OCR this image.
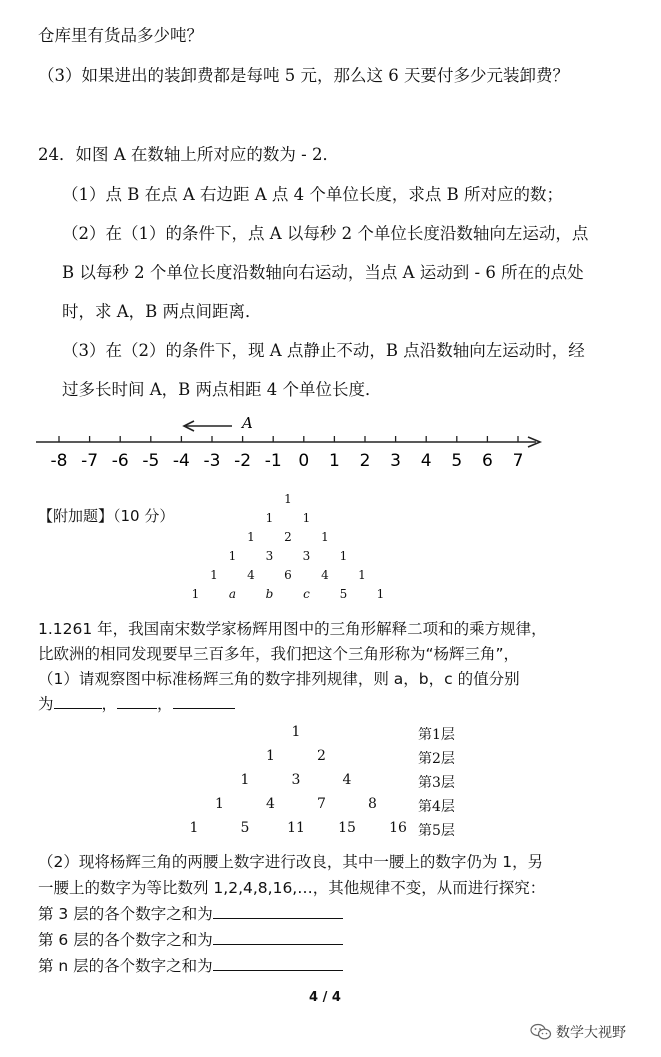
仓库里有货品多少吨？
（3）如果进出的装卸费都是每吨 5 元，那么这 6 天要付多少元装卸费？
24．如图 A 在数轴上所对应的数为 - 2．
（1）点 B 在点 A 右边距 A 点 4 个单位长度，求点 B 所对应的数；
（2）在（1）的条件下，点 A 以每秒 2 个单位长度沿数轴向左运动，点
B 以每秒 2 个单位长度沿数轴向右运动，当点 A 运动到 - 6 所在的点处
时，求 A，B 两点间距离．
（3）在（2）的条件下，现 A 点静止不动，B 点沿数轴向左运动时，经
过多长时间 A，B 两点相距 4 个单位长度．
A
-8 -7 -6 -5 -4 -3 -2 -1 0 1 2 3 4 5 6 7
【附加题】（10 分）
1
1 1
1 2 1
1 3 3 1
1 4 6 4 1
1 a b c 5 1
1.1261 年，我国南宋数学家杨辉用图中的三角形解释二项和的乘方规律，
比欧洲的相同发现要早三百多年，我们把这个三角形称为“杨辉三角”，
（1）请观察图中标准杨辉三角的数字排列规律，则 a，b，c 的值分别
为	，	，
1	第1层
1	2	第2层
1	3	4	第3层
1	4	7	8	第4层
1	5	11 15 16 第5层
（2）现将杨辉三角的两腰上数字进行改良，其中一腰上的数字仍为 1，另
一腰上的数字为等比数列 1,2,4,8,16,…，其他规律不变，从而进行探究：
第 3 层的各个数字之和为
第 6 层的各个数字之和为
第 n 层的各个数字之和为
4 / 4
数学大视野
